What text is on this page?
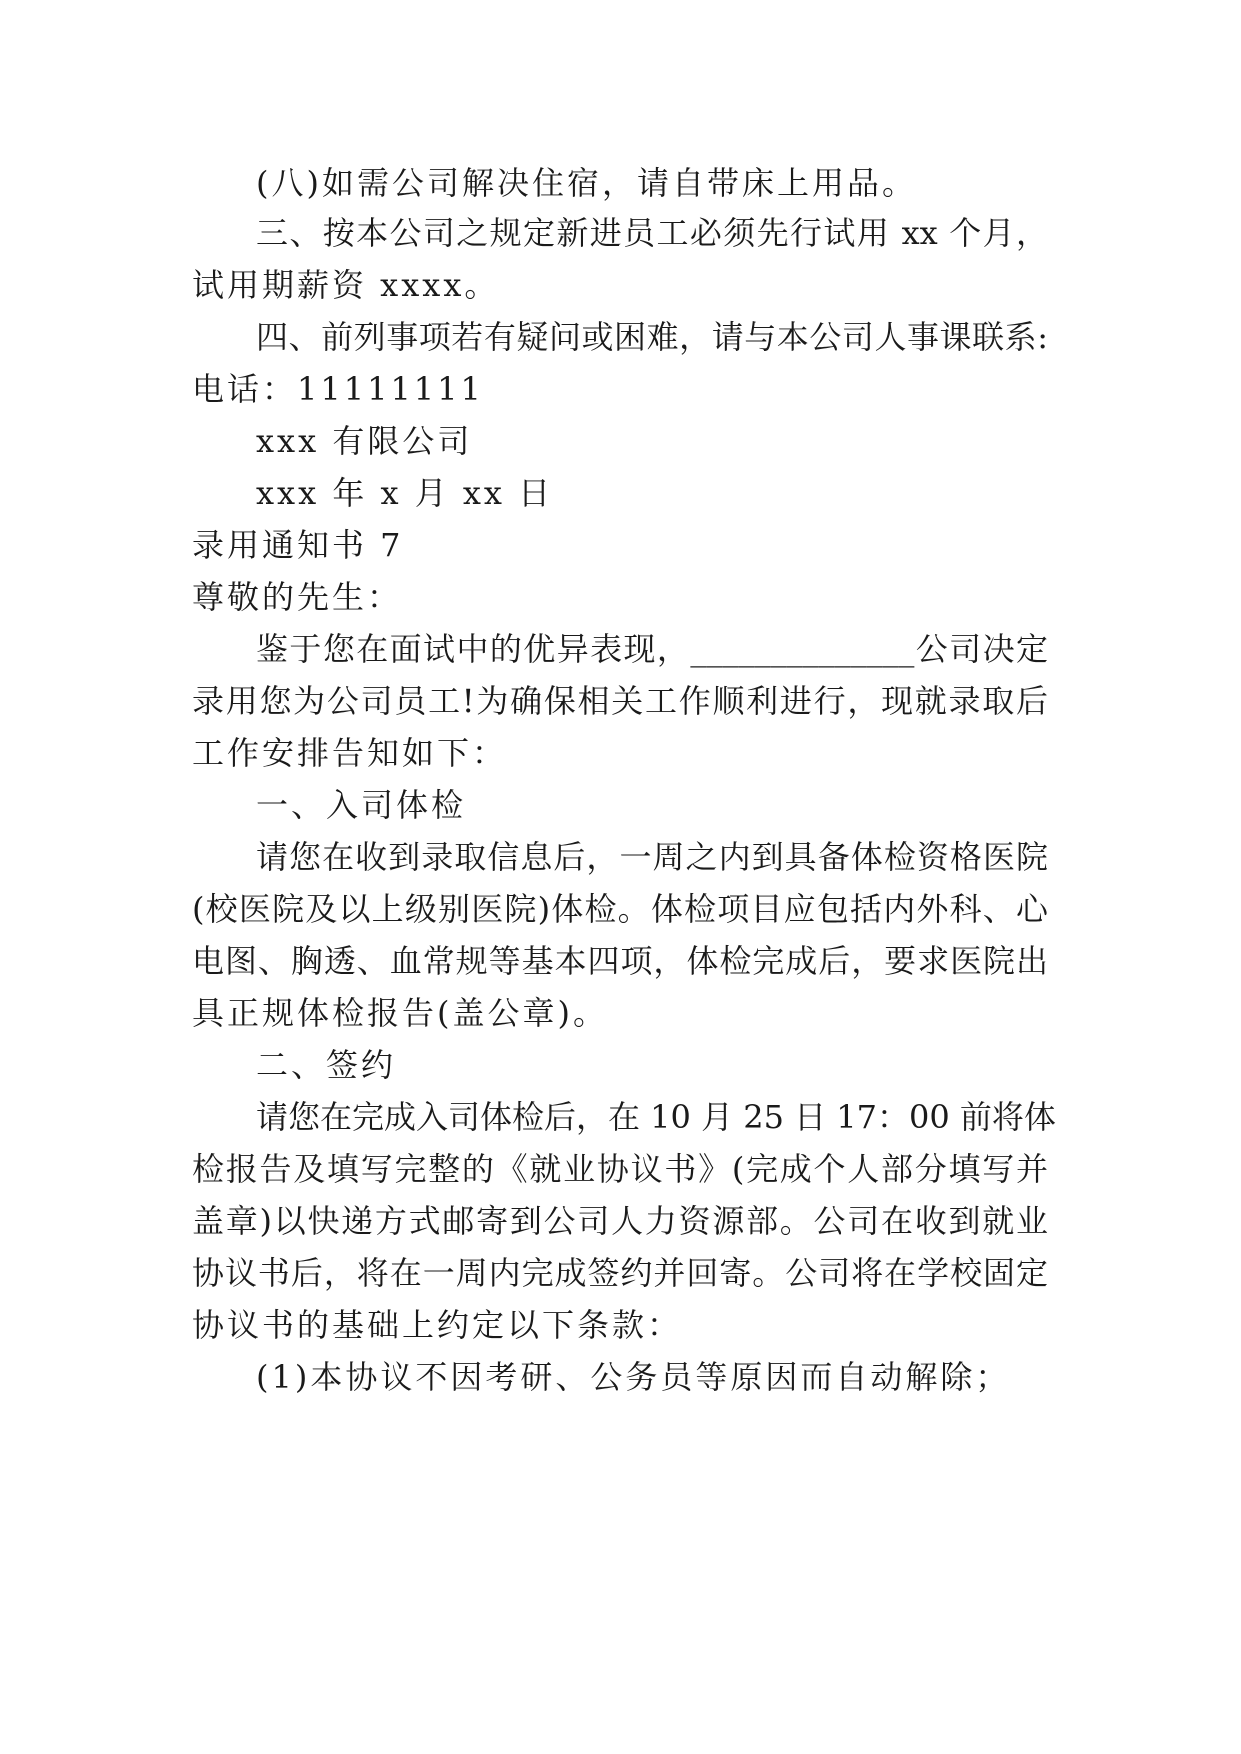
(八)如需公司解决住宿，请自带床上用品。
三、按本公司之规定新进员工必须先行试用 xx 个月，
试用期薪资 xxxx。
四、前列事项若有疑问或困难，请与本公司人事课联系:
电话：11111111
xxx 有限公司
xxx 年 x 月 xx 日
录用通知书 7
尊敬的先生：
鉴于您在面试中的优异表现，______________公司决定
录用您为公司员工!为确保相关工作顺利进行，现就录取后
工作安排告知如下：
一、入司体检
请您在收到录取信息后，一周之内到具备体检资格医院
(校医院及以上级别医院)体检。体检项目应包括内外科、心
电图、胸透、血常规等基本四项，体检完成后，要求医院出
具正规体检报告(盖公章)。
二、签约
请您在完成入司体检后，在 10 月 25 日 17：00 前将体
检报告及填写完整的《就业协议书》(完成个人部分填写并
盖章)以快递方式邮寄到公司人力资源部。公司在收到就业
协议书后，将在一周内完成签约并回寄。公司将在学校固定
协议书的基础上约定以下条款：
(1)本协议不因考研、公务员等原因而自动解除；
